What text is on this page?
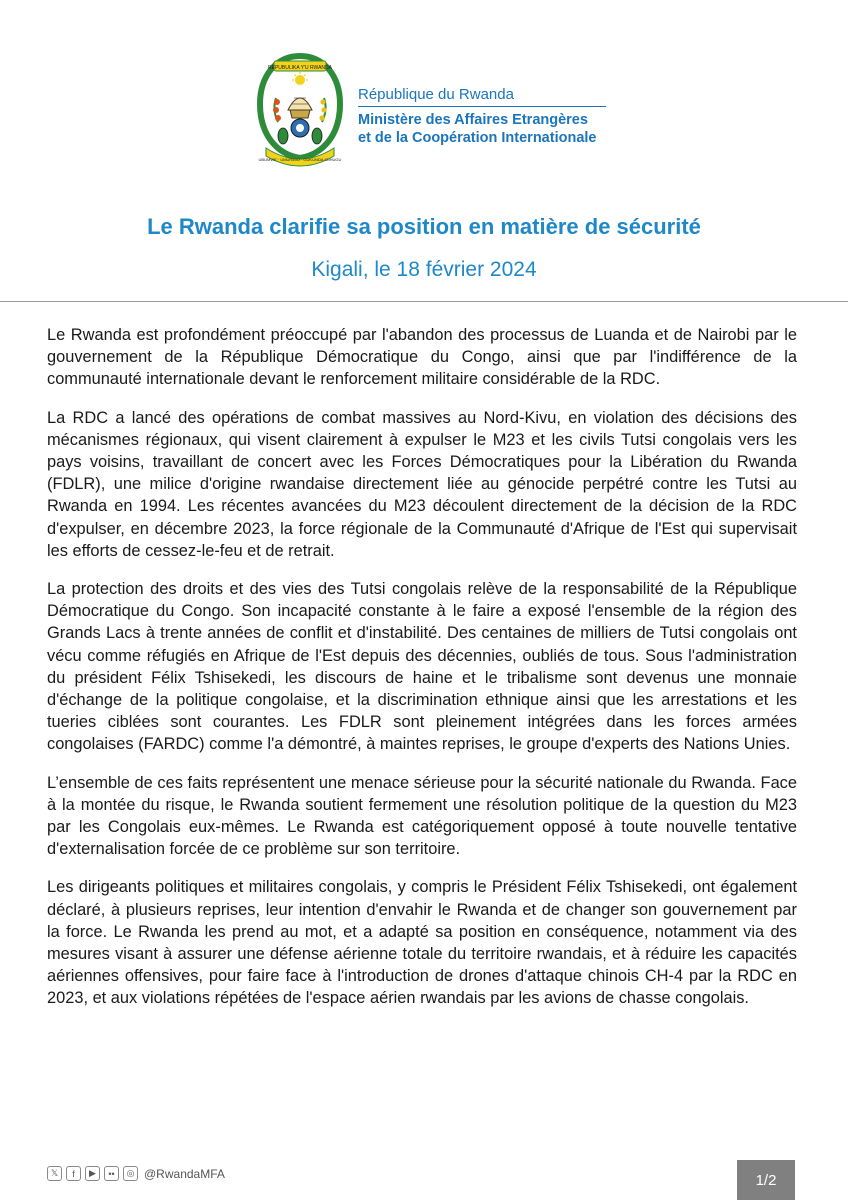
REPUBULIKA Y'U RWANDA
UBUMWE · UMURIMO · GUKUNDA IGIHUGU
République du Rwanda
Ministère des Affaires Etrangères
et de la Coopération Internationale
Le Rwanda clarifie sa position en matière de sécurité
Kigali, le 18 février 2024

Le Rwanda est profondément préoccupé par l'abandon des processus de Luanda et de Nairobi par le gouvernement de la République Démocratique du Congo, ainsi que par l'indifférence de la communauté internationale devant le renforcement militaire considérable de la RDC.

La RDC a lancé des opérations de combat massives au Nord-Kivu, en violation des décisions des mécanismes régionaux, qui visent clairement à expulser le M23 et les civils Tutsi congolais vers les pays voisins, travaillant de concert avec les Forces Démocratiques pour la Libération du Rwanda (FDLR), une milice d'origine rwandaise directement liée au génocide perpétré contre les Tutsi au Rwanda en 1994. Les récentes avancées du M23 découlent directement de la décision de la RDC d'expulser, en décembre 2023, la force régionale de la Communauté d'Afrique de l'Est qui supervisait les efforts de cessez-le-feu et de retrait.

La protection des droits et des vies des Tutsi congolais relève de la responsabilité de la République Démocratique du Congo. Son incapacité constante à le faire a exposé l'ensemble de la région des Grands Lacs à trente années de conflit et d'instabilité. Des centaines de milliers de Tutsi congolais ont vécu comme réfugiés en Afrique de l'Est depuis des décennies, oubliés de tous. Sous l'administration du président Félix Tshisekedi, les discours de haine et le tribalisme sont devenus une monnaie d'échange de la politique congolaise, et la discrimination ethnique ainsi que les arrestations et les tueries ciblées sont courantes. Les FDLR sont pleinement intégrées dans les forces armées congolaises (FARDC) comme l'a démontré, à maintes reprises, le groupe d'experts des Nations Unies.

L’ensemble de ces faits représentent une menace sérieuse pour la sécurité nationale du Rwanda. Face à la montée du risque, le Rwanda soutient fermement une résolution politique de la question du M23 par les Congolais eux-mêmes. Le Rwanda est catégoriquement opposé à toute nouvelle tentative d'externalisation forcée de ce problème sur son territoire.

Les dirigeants politiques et militaires congolais, y compris le Président Félix Tshisekedi, ont également déclaré, à plusieurs reprises, leur intention d'envahir le Rwanda et de changer son gouvernement par la force. Le Rwanda les prend au mot, et a adapté sa position en conséquence, notamment via des mesures visant à assurer une défense aérienne totale du territoire rwandais, et à réduire les capacités aériennes offensives, pour faire face à l'introduction de drones d'attaque chinois CH-4 par la RDC en 2023, et aux violations répétées de l'espace aérien rwandais par les avions de chasse congolais.

𝕏	f	▶	••	◎ @RwandaMFA	1/2
